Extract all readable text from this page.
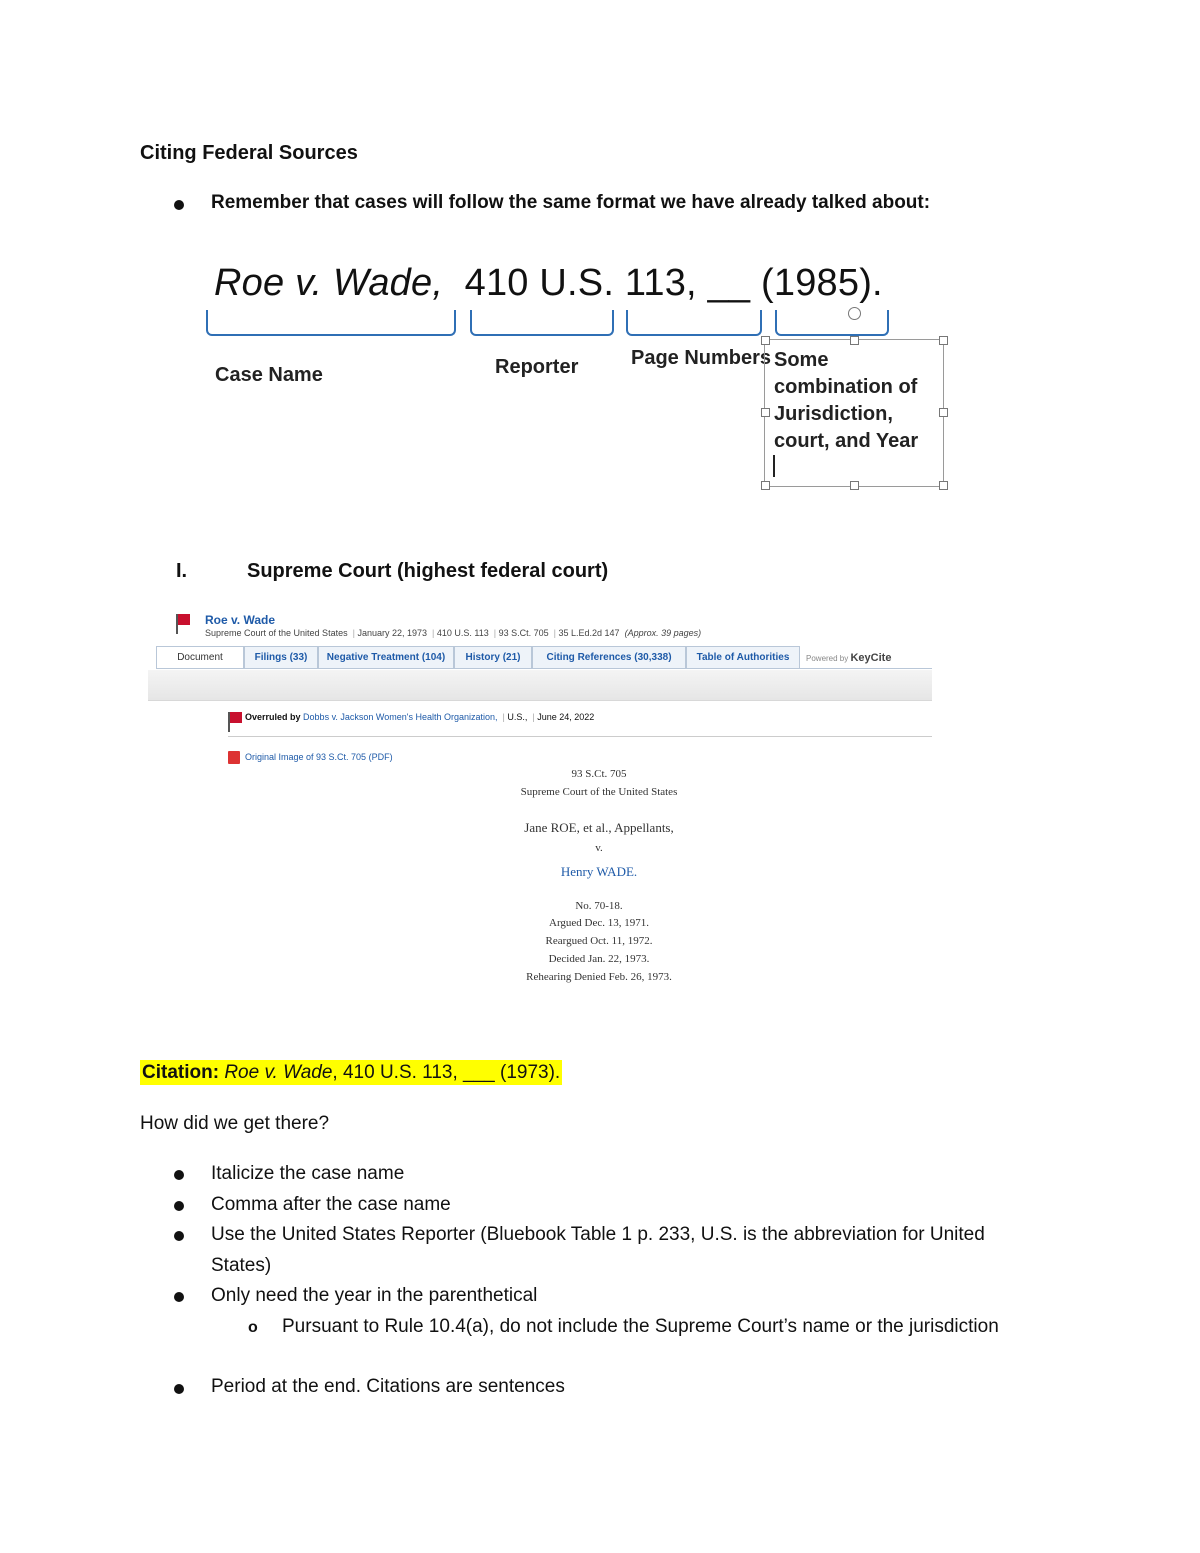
Citing Federal Sources
Remember that cases will follow the same format we have already talked about:
Roe v. Wade, 410 U.S. 113, __ (1985).
Case Name	Reporter	Page Numbers Some
combination of
Jurisdiction,
court, and Year
I.	Supreme Court (highest federal court)
Roe v. Wade
Supreme Court of the United States  | January 22, 1973  | 410 U.S. 113  | 93 S.Ct. 705  | 35 L.Ed.2d 147 (Approx. 39 pages)
Document	Filings (33)	Negative Treatment (104)	History (21)	Citing References (30,338)	Table of Authorities	Powered by KeyCite
Overruled by Dobbs v. Jackson Women's Health Organization,  | U.S.,  | June 24, 2022
Original Image of 93 S.Ct. 705 (PDF)
93 S.Ct. 705
Supreme Court of the United States
Jane ROE, et al., Appellants,
v.
Henry WADE.
No. 70-18.
Argued Dec. 13, 1971.
Reargued Oct. 11, 1972.
Decided Jan. 22, 1973.
Rehearing Denied Feb. 26, 1973.
Citation: Roe v. Wade, 410 U.S. 113, ___ (1973).
How did we get there?
Italicize the case name
Comma after the case name
Use the United States Reporter (Bluebook Table 1 p. 233, U.S. is the abbreviation for United
States)
Only need the year in the parenthetical
o Pursuant to Rule 10.4(a), do not include the Supreme Court’s name or the jurisdiction
Period at the end. Citations are sentences
